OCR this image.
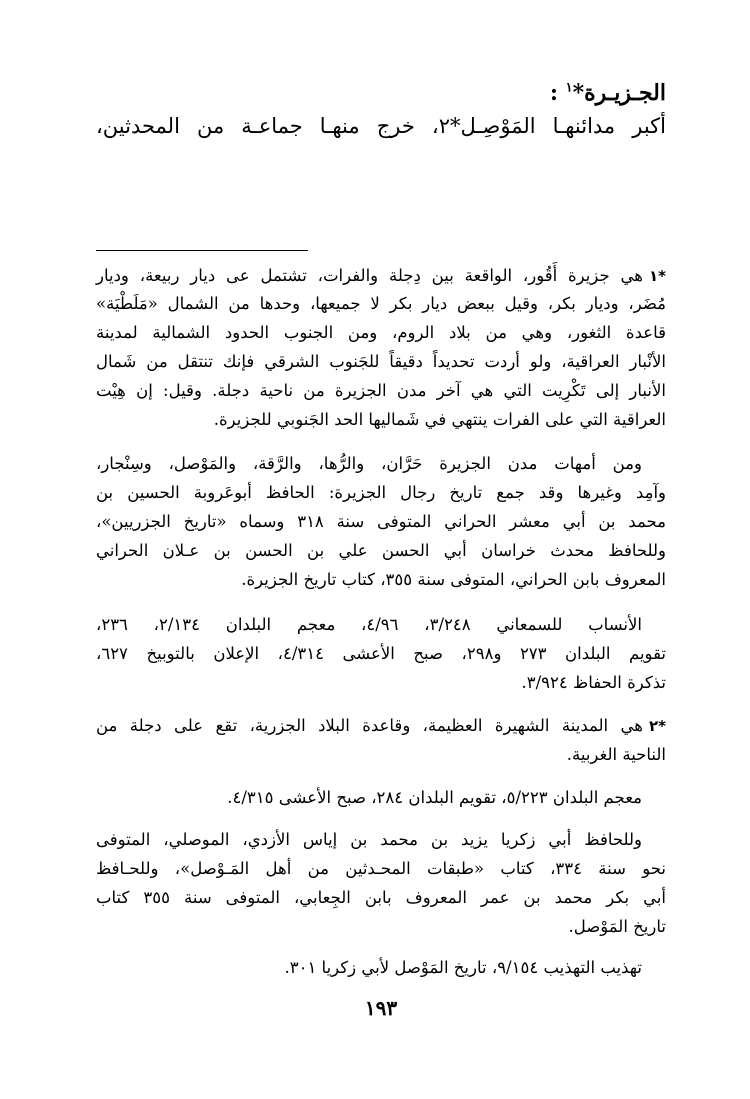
الجـزيـرة*$^١$ :
أكبر مدائنهـا المَوْصِـل*٢، خرج منهـا جماعـة من المحدثين،
*١هي جزيرة أَقُور، الواقعة بين دِجلة والفرات، تشتمل عى ديار ربيعة، وديار
مُضَر، وديار بكر، وقيل ببعض ديار بكر لا جميعها، وحدها من الشمال «مَلَطْيَة»
قاعدة الثغور، وهي من بلاد الروم، ومن الجنوب الحدود الشمالية لمدينة
الأنْبار العراقية، ولو أردت تحديداً دقيقاً للجَنوب الشرقي فإنك تنتقل من شَمال
الأنبار إلى تَكْرِيت التي هي آخر مدن الجزيرة من ناحية دجلة. وقيل: إن هِيْت
العراقية التي على الفرات ينتهي في شَماليها الحد الجَنوبي للجزيرة.
ومن أمهات مدن الجزيرة حَرَّان، والرُّها، والرَّقة، والمَوْصل، وسِنْجار،
وآمِد وغيرها وقد جمع تاريخ رجال الجزيرة: الحافظ أبوعَروبة الحسين بن
محمد بن أبي معشر الحراني المتوفى سنة ٣١٨ وسماه «تاريخ الجزريين»،
وللحافظ محدث خراسان أبي الحسن علي بن الحسن بن عـلان الحراني
المعروف بابن الحراني، المتوفى سنة ٣٥٥، كتاب تاريخ الجزيرة.
الأنساب للسمعاني ٣/٢٤٨، ٤/٩٦، معجم البلدان ٢/١٣٤، ٢٣٦،
تقويم البلدان ٢٧٣ و٢٩٨، صبح الأعشى ٤/٣١٤، الإعلان بالتوبيخ ٦٢٧،
تذكرة الحفاظ ٣/٩٢٤.
*٢هي المدينة الشهيرة العظيمة، وقاعدة البلاد الجزرية، تقع على دجلة من
الناحية الغربية.
معجم البلدان ٥/٢٢٣، تقويم البلدان ٢٨٤، صبح الأعشى ٤/٣١٥.
وللحافظ أبي زكريا يزيد بن محمد بن إياس الأزدي، الموصلي، المتوفى
نحو سنة ٣٣٤، كتاب «طبقات المحـدثين من أهل المَـوْصل»، وللحـافظ
أبي بكر محمد بن عمر المعروف بابن الجِعابي، المتوفى سنة ٣٥٥ كتاب
تاريخ المَوْصل.
تهذيب التهذيب ٩/١٥٤، تاريخ المَوْصل لأبي زكريا ٣٠١.
١٩٣
